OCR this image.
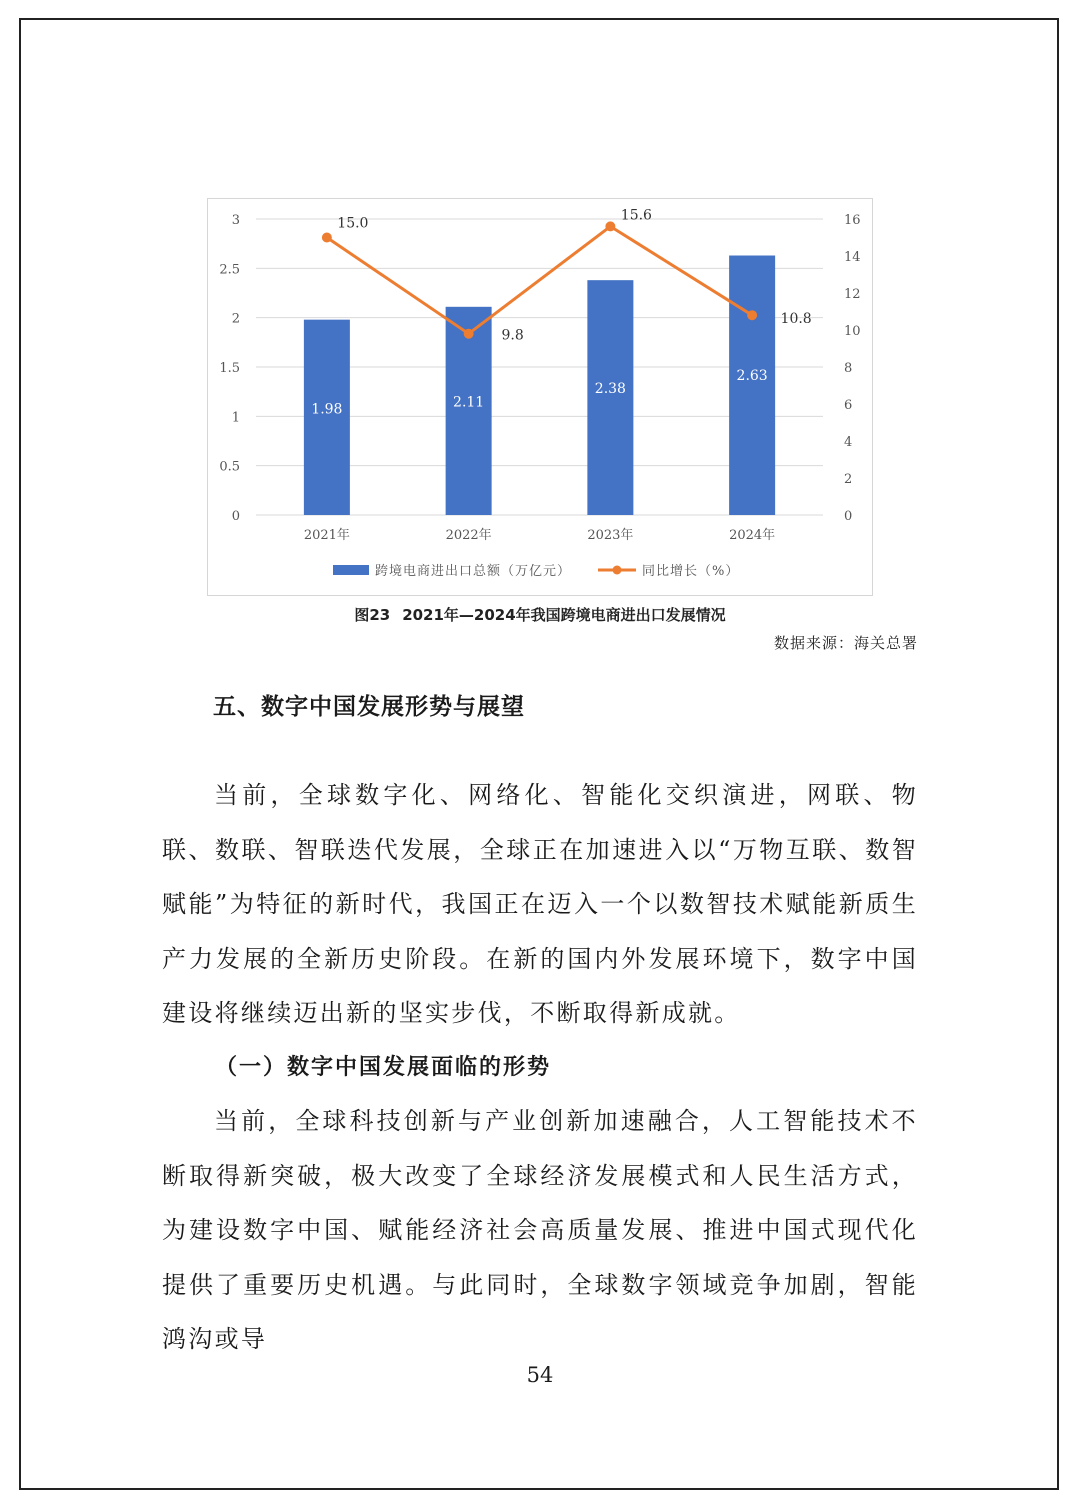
0
0.5
1
1.5
2
2.5
3
0
2
4
6
8
10
12
14
16
1.98	2.11
2.38
2.63
2021年	2022年	2023年	2024年
15.0
9.8
15.6
10.8
跨境电商进出口总额（万亿元）	同比增长（%）
图23 2021年—2024年我国跨境电商进出口发展情况
数据来源：海关总署
五、数字中国发展形势与展望

当前，全球数字化、网络化、智能化交织演进，网联、物联、数联、智联迭代发展，全球正在加速进入以“万物互联、数智赋能”为特征的新时代，我国正在迈入一个以数智技术赋能新质生产力发展的全新历史阶段。在新的国内外发展环境下，数字中国建设将继续迈出新的坚实步伐，不断取得新成就。

（一）数字中国发展面临的形势

当前，全球科技创新与产业创新加速融合，人工智能技术不断取得新突破，极大改变了全球经济发展模式和人民生活方式，为建设数字中国、赋能经济社会高质量发展、推进中国式现代化提供了重要历史机遇。与此同时，全球数字领域竞争加剧，智能鸿沟或导

54
